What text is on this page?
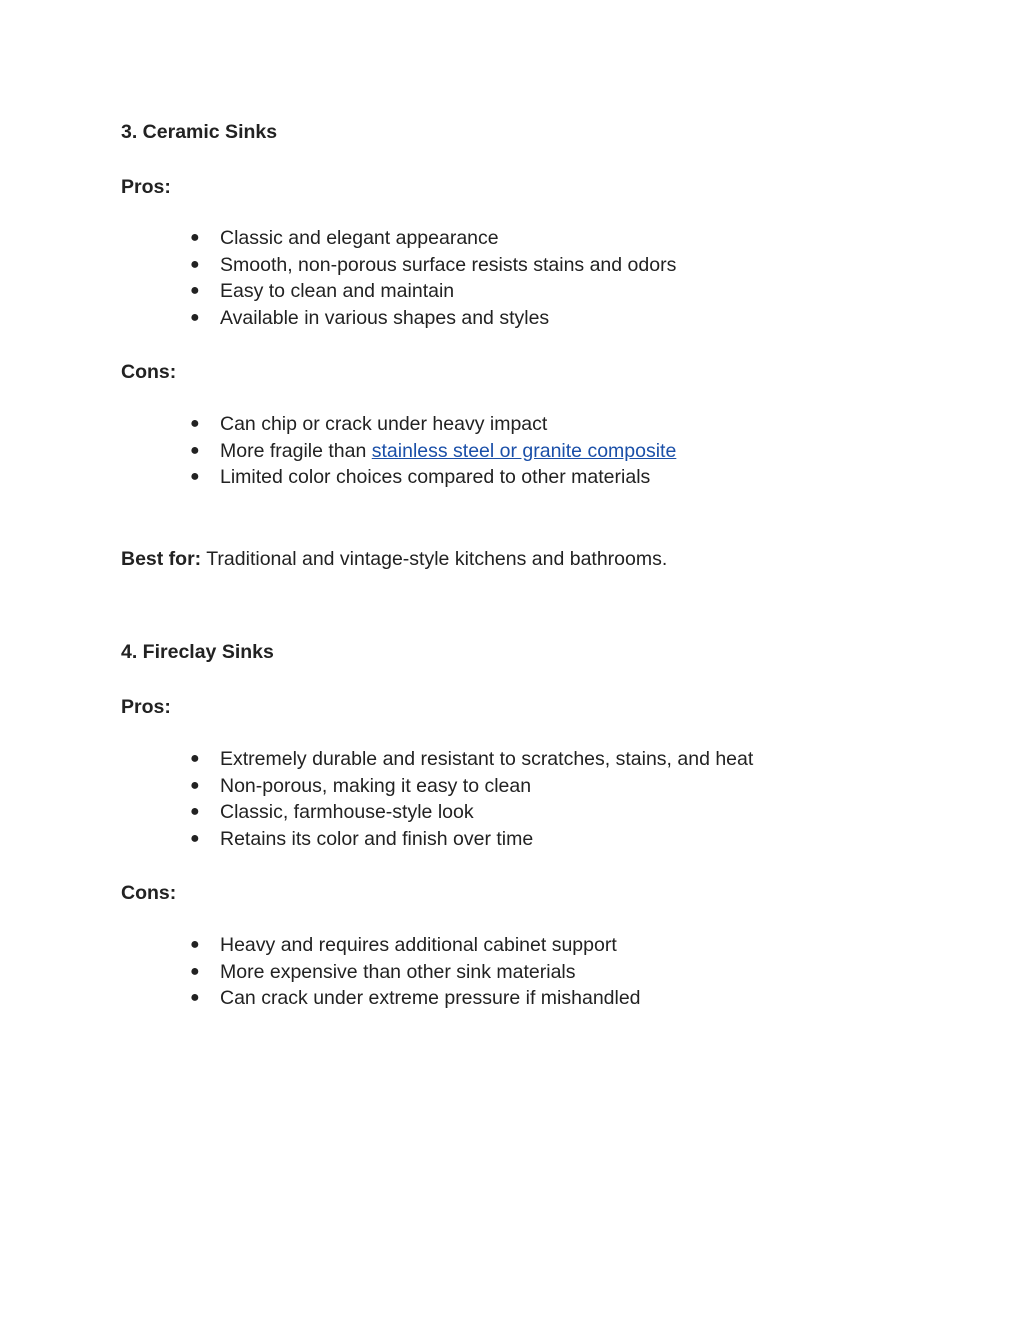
3. Ceramic Sinks

Pros:

● Classic and elegant appearance
● Smooth, non-porous surface resists stains and odors
● Easy to clean and maintain
● Available in various shapes and styles

Cons:

● Can chip or crack under heavy impact
● More fragile than stainless steel or granite composite
● Limited color choices compared to other materials

Best for: Traditional and vintage-style kitchens and bathrooms.

4. Fireclay Sinks

Pros:

● Extremely durable and resistant to scratches, stains, and heat
● Non-porous, making it easy to clean
● Classic, farmhouse-style look
● Retains its color and finish over time

Cons:

● Heavy and requires additional cabinet support
● More expensive than other sink materials
● Can crack under extreme pressure if mishandled
